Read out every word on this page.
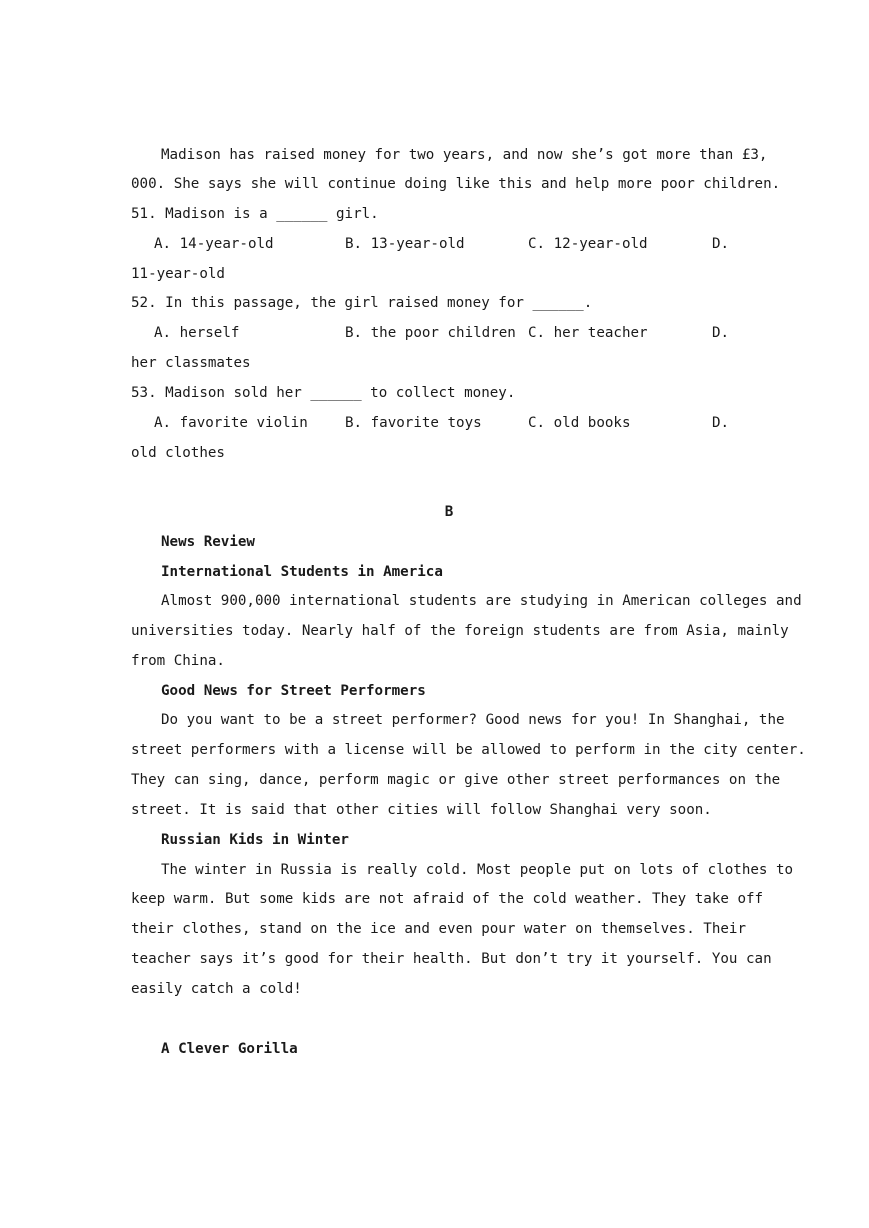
Madison has raised money for two years, and now she’s got more than £3,
000. She says she will continue doing like this and help more poor children.
51. Madison is a ______ girl.
A. 14-year-old	B. 13-year-old	C. 12-year-old	D.
11-year-old
52. In this passage, the girl raised money for ______.
A. herself	B. the poor children C. her teacher	D.
her classmates
53. Madison sold her ______ to collect money.
A. favorite violin	B. favorite toys	C. old books	D.
old clothes
B
News Review
International Students in America
Almost 900,000 international students are studying in American colleges and
universities today. Nearly half of the foreign students are from Asia, mainly
from China.
Good News for Street Performers
Do you want to be a street performer? Good news for you! In Shanghai, the
street performers with a license will be allowed to perform in the city center.
They can sing, dance, perform magic or give other street performances on the
street. It is said that other cities will follow Shanghai very soon.
Russian Kids in Winter
The winter in Russia is really cold. Most people put on lots of clothes to
keep warm. But some kids are not afraid of the cold weather. They take off
their clothes, stand on the ice and even pour water on themselves. Their
teacher says it’s good for their health. But don’t try it yourself. You can
easily catch a cold!
A Clever Gorilla
